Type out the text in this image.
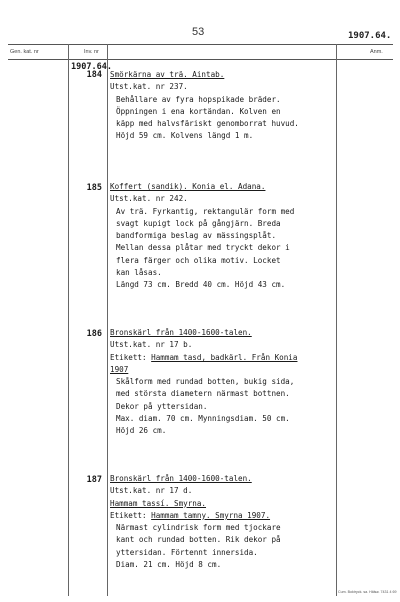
53	1907.64.
Gen. kat. nr	Inv. nr	Anm.
1907.64.
184 Smörkärna av trä. Aintab.
Utst.kat. nr 237.
Behållare av fyra hopspikade bräder.
Öppningen i ena kortändan. Kolven en
käpp med halvsfäriskt genomborrat huvud.
Höjd 59 cm. Kolvens längd 1 m.
185 Koffert (sandik). Konia el. Adana.
Utst.kat. nr 242.
Av trä. Fyrkantig, rektangulär form med
svagt kupigt lock på gångjärn. Breda
bandformiga beslag av mässingsplåt.
Mellan dessa plåtar med tryckt dekor i
flera färger och olika motiv. Locket
kan låsas.
Längd 73 cm. Bredd 40 cm. Höjd 43 cm.
186 Bronskärl från 1400-1600-talen.
Utst.kat. nr 17 b.
Etikett: Hammam tasd, badkärl. Från Konia
1907
Skålform med rundad botten, bukig sida,
med största diametern närmast bottnen.
Dekor på yttersidan.
Max. diam. 70 cm. Mynningsdiam. 50 cm.
Höjd 26 cm.
187 Bronskärl från 1400-1600-talen.
Utst.kat. nr 17 d.
Hammam tassí. Smyrna.
Etikett: Hammam tamny. Smyrna 1907.
Närmast cylindrisk form med tjockare
kant och rundad botten. Rik dekor på
yttersidan. Förtennt innersida.
Diam. 21 cm. Höjd 8 cm.
Cum. Boktryck. sa. Hälsø. 7431 4 69
